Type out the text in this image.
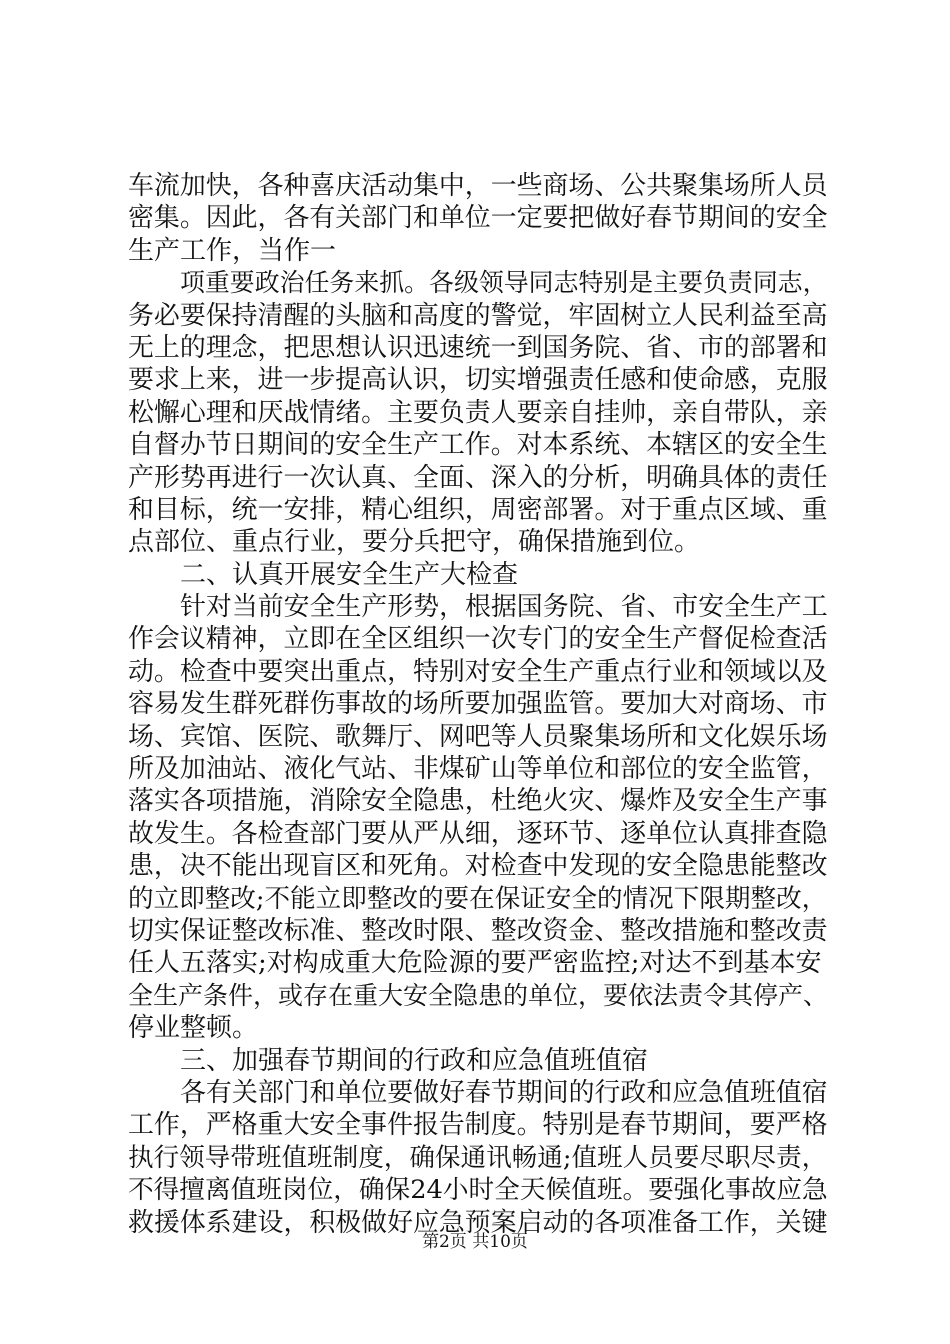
车流加快，各种喜庆活动集中，一些商场、公共聚集场所人员
密集。因此，各有关部门和单位一定要把做好春节期间的安全
生产工作，当作一
项重要政治任务来抓。各级领导同志特别是主要负责同志，
务必要保持清醒的头脑和高度的警觉，牢固树立人民利益至高
无上的理念，把思想认识迅速统一到国务院、省、市的部署和
要求上来，进一步提高认识，切实增强责任感和使命感，克服
松懈心理和厌战情绪。主要负责人要亲自挂帅，亲自带队，亲
自督办节日期间的安全生产工作。对本系统、本辖区的安全生
产形势再进行一次认真、全面、深入的分析，明确具体的责任
和目标，统一安排，精心组织，周密部署。对于重点区域、重
点部位、重点行业，要分兵把守，确保措施到位。
二、认真开展安全生产大检查
针对当前安全生产形势，根据国务院、省、市安全生产工
作会议精神，立即在全区组织一次专门的安全生产督促检查活
动。检查中要突出重点，特别对安全生产重点行业和领域以及
容易发生群死群伤事故的场所要加强监管。要加大对商场、市
场、宾馆、医院、歌舞厅、网吧等人员聚集场所和文化娱乐场
所及加油站、液化气站、非煤矿山等单位和部位的安全监管，
落实各项措施，消除安全隐患，杜绝火灾、爆炸及安全生产事
故发生。各检查部门要从严从细，逐环节、逐单位认真排查隐
患，决不能出现盲区和死角。对检查中发现的安全隐患能整改
的立即整改;不能立即整改的要在保证安全的情况下限期整改，
切实保证整改标准、整改时限、整改资金、整改措施和整改责
任人五落实;对构成重大危险源的要严密监控;对达不到基本安
全生产条件，或存在重大安全隐患的单位，要依法责令其停产、
停业整顿。
三、加强春节期间的行政和应急值班值宿
各有关部门和单位要做好春节期间的行政和应急值班值宿
工作，严格重大安全事件报告制度。特别是春节期间，要严格
执行领导带班值班制度，确保通讯畅通;值班人员要尽职尽责，
不得擅离值班岗位，确保24小时全天候值班。要强化事故应急
救援体系建设，积极做好应急预案启动的各项准备工作，关键
第2页 共10页
